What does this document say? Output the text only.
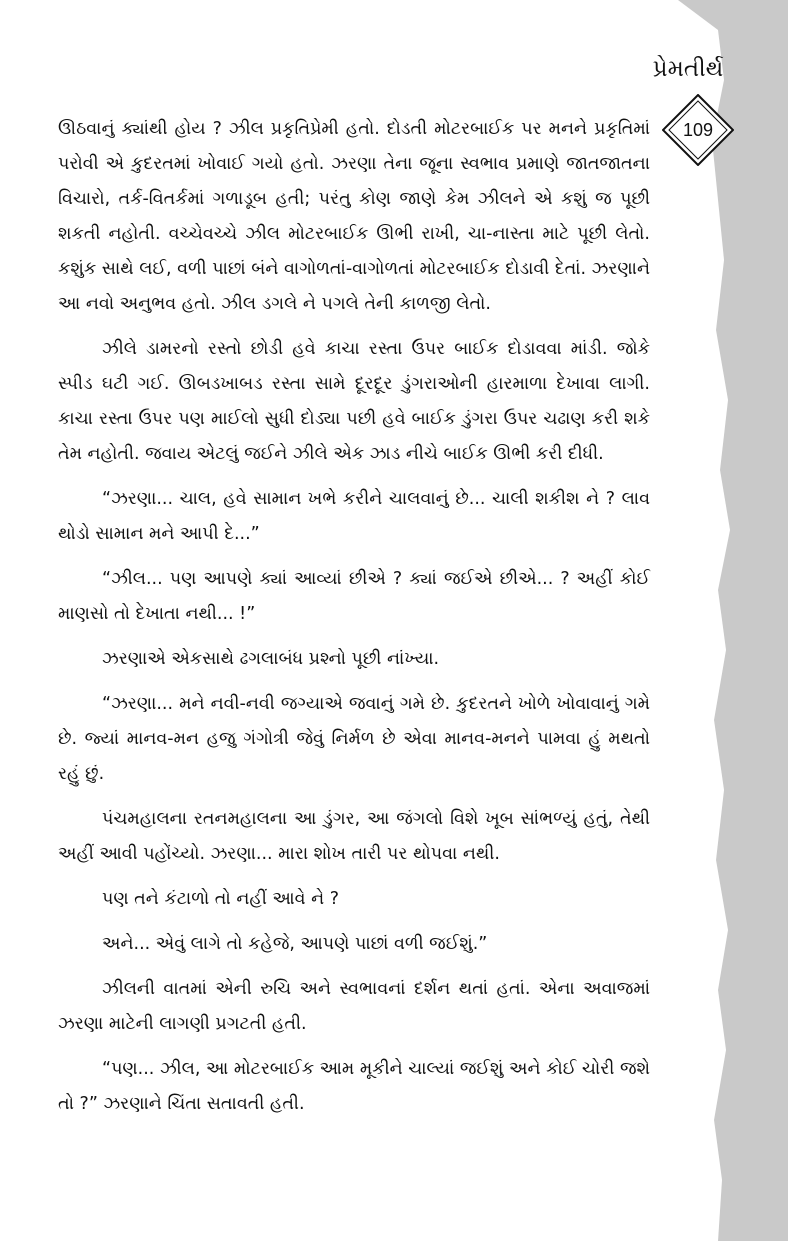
પ્રેમતીર્થ
109

ઊઠવાનું ક્યાંથી હોય ? ઝીલ પ્રકૃતિપ્રેમી હતો. દોડતી મોટરબાઈક પર મનને પ્રકૃતિમાં પરોવી એ કુદરતમાં ખોવાઈ ગયો હતો. ઝરણા તેના જૂના સ્વભાવ પ્રમાણે જાતજાતના વિચારો, તર્ક-વિતર્કમાં ગળાડૂબ હતી; પરંતુ કોણ જાણે કેમ ઝીલને એ કશું જ પૂછી શકતી નહોતી. વચ્ચેવચ્ચે ઝીલ મોટરબાઈક ઊભી રાખી, ચા-નાસ્તા માટે પૂછી લેતો. કશુંક સાથે લઈ, વળી પાછાં બંને વાગોળતાં-વાગોળતાં મોટરબાઈક દોડાવી દેતાં. ઝરણાને આ નવો અનુભવ હતો. ઝીલ ડગલે ને પગલે તેની કાળજી લેતો.

ઝીલે ડામરનો રસ્તો છોડી હવે કાચા રસ્તા ઉપર બાઈક દોડાવવા માંડી. જોકે સ્પીડ ઘટી ગઈ. ઊબડખાબડ રસ્તા સામે દૂરદૂર ડુંગરાઓની હારમાળા દેખાવા લાગી. કાચા રસ્તા ઉપર પણ માઈલો સુધી દોડ્યા પછી હવે બાઈક ડુંગરા ઉપર ચઢાણ કરી શકે તેમ નહોતી. જવાય એટલું જઈને ઝીલે એક ઝાડ નીચે બાઈક ઊભી કરી દીધી.

“ઝરણા... ચાલ, હવે સામાન ખભે કરીને ચાલવાનું છે... ચાલી શકીશ ને ? લાવ થોડો સામાન મને આપી દે...”

“ઝીલ... પણ આપણે ક્યાં આવ્યાં છીએ ? ક્યાં જઈએ છીએ... ? અહીં કોઈ માણસો તો દેખાતા નથી... !”

ઝરણાએ એકસાથે ઢગલાબંધ પ્રશ્નો પૂછી નાંખ્યા.

“ઝરણા... મને નવી-નવી જગ્યાએ જવાનું ગમે છે. કુદરતને ખોળે ખોવાવાનું ગમે છે. જ્યાં માનવ-મન હજુ ગંગોત્રી જેવું નિર્મળ છે એવા માનવ-મનને પામવા હું મથતો રહું છું.

પંચમહાલના રતનમહાલના આ ડુંગર, આ જંગલો વિશે ખૂબ સાંભળ્યું હતું, તેથી અહીં આવી પહોંચ્યો. ઝરણા... મારા શોખ તારી પર થોપવા નથી.

પણ તને કંટાળો તો નહીં આવે ને ?

અને... એવું લાગે તો કહેજે, આપણે પાછાં વળી જઈશું.”

ઝીલની વાતમાં એની રુચિ અને સ્વભાવનાં દર્શન થતાં હતાં. એના અવાજમાં ઝરણા માટેની લાગણી પ્રગટતી હતી.

“પણ... ઝીલ, આ મોટરબાઈક આમ મૂકીને ચાલ્યાં જઈશું અને કોઈ ચોરી જશે તો ?” ઝરણાને ચિંતા સતાવતી હતી.
